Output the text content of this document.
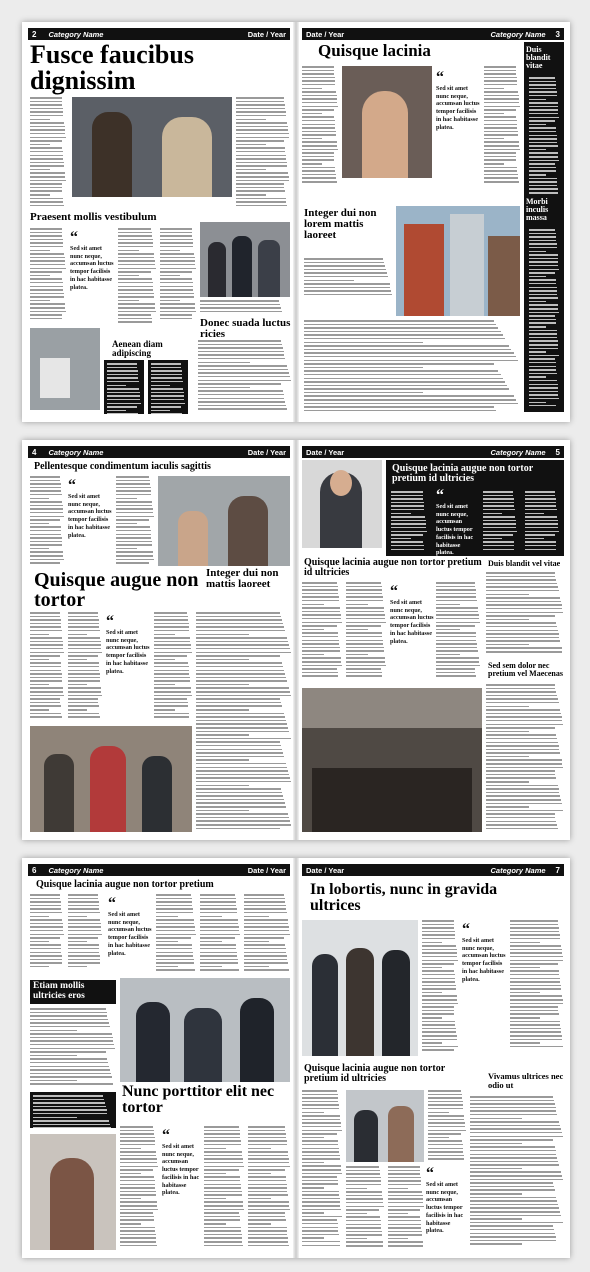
2 Category Name	Date / Year
Fusce faucibus dignissim
Praesent mollis vestibulum
“
Sed sit amet nunc neque, accumsan luctus tempor facilisis in hac habitasse platea.
Aenean diam adipiscing
Donec suada luctus ricies
Date / Year	Category Name 3
Quisque lacinia
“
Sed sit amet nunc neque, accumsan luctus tempor facilisis in hac habitasse platea.
Duis blandit vitae
Morbi inculis massa
Integer dui non lorem mattis laoreet
4 Category Name	Date / Year
Pellentesque condimentum iaculis sagittis
“
Sed sit amet nunc neque, accumsan luctus tempor facilisis in hac habitasse platea.
Quisque augue non tortor
Integer dui non mattis laoreet
“
Sed sit amet nunc neque, accumsan luctus tempor facilisis in hac habitasse platea.
Date / Year	Category Name 5
Quisque lacinia augue non tortor pretium id ultricies
“
Sed sit amet nunc neque, accumsan luctus tempor facilisis in hac habitasse platea.
Quisque lacinia augue non tortor pretium id ultricies
“
Sed sit amet nunc neque, accumsan luctus tempor facilisis in hac habitasse platea.
Duis blandit vel vitae
Sed sem dolor nec pretium vel Maecenas
6 Category Name	Date / Year
Quisque lacinia augue non tortor pretium
“
Sed sit amet nunc neque, accumsan luctus tempor facilisis in hac habitasse platea.
Etiam mollis ultricies eros
Nunc porttitor elit nec tortor
“
Sed sit amet nunc neque, accumsan luctus tempor facilisis in hac habitasse platea.
Date / Year	Category Name 7
In lobortis, nunc in gravida ultrices
“
Sed sit amet nunc neque, accumsan luctus tempor facilisis in hac habitasse platea.
Quisque lacinia augue non tortor pretium id ultricies
“
Sed sit amet nunc neque, accumsan luctus tempor facilisis in hac habitasse platea.
Vivamus ultrices nec odio ut
